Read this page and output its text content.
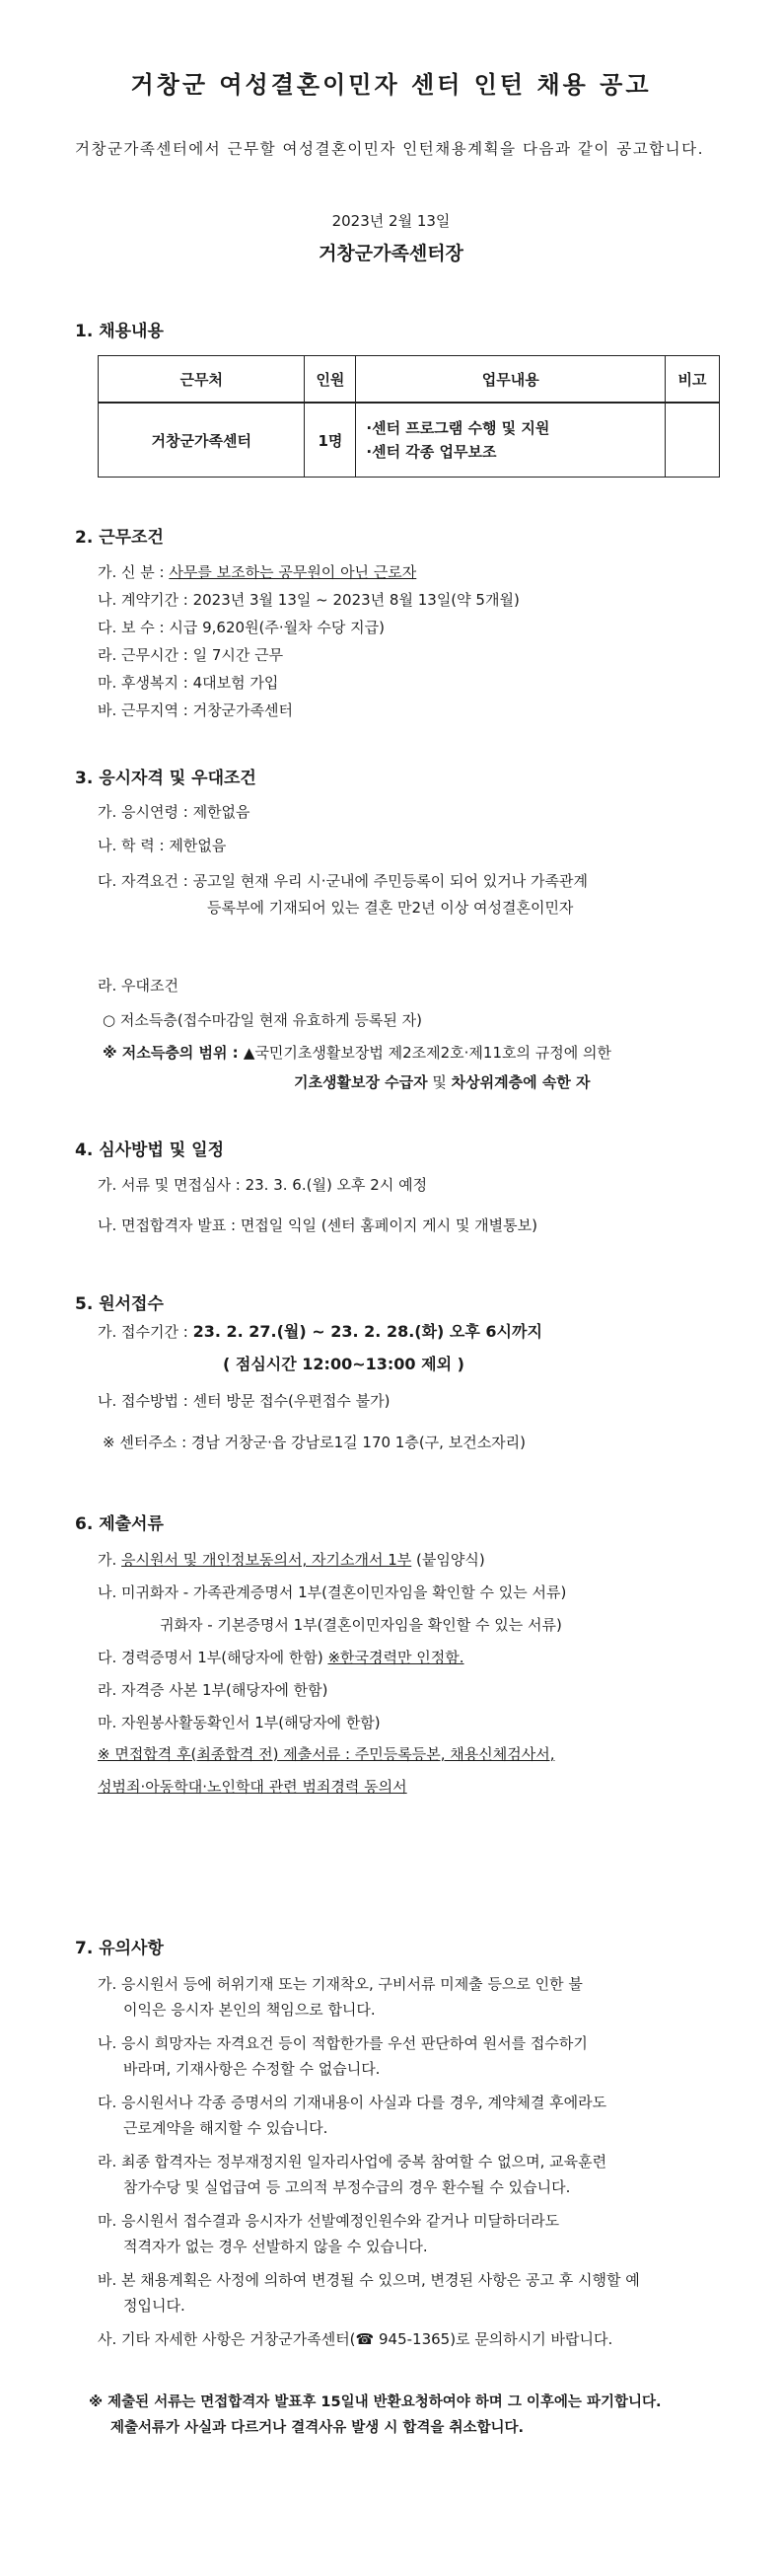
거창군 여성결혼이민자 센터 인턴 채용 공고
거창군가족센터에서 근무할 여성결혼이민자 인턴채용계획을 다음과 같이 공고합니다.
2023년 2월 13일
거창군가족센터장
1. 채용내용
근무처	인원	업무내용	비고
거창군가족센터	1명	·센터 프로그램 수행 및 지원
·센터 각종 업무보조	

2. 근무조건
가. 신 분 : 사무를 보조하는 공무원이 아닌 근로자
나. 계약기간 : 2023년 3월 13일 ~ 2023년 8월 13일(약 5개월)
다. 보 수 : 시급 9,620원(주·월차 수당 지급)
라. 근무시간 : 일 7시간 근무
마. 후생복지 : 4대보험 가입
바. 근무지역 : 거창군가족센터
3. 응시자격 및 우대조건
가. 응시연령 : 제한없음
나. 학 력 : 제한없음
다. 자격요건 : 공고일 현재 우리 시·군내에 주민등록이 되어 있거나 가족관계
등록부에 기재되어 있는 결혼 만2년 이상 여성결혼이민자
라. 우대조건
○ 저소득층(접수마감일 현재 유효하게 등록된 자)
※ 저소득층의 범위 : ▲국민기초생활보장법 제2조제2호·제11호의 규정에 의한
기초생활보장 수급자 및 차상위계층에 속한 자
4. 심사방법 및 일정
가. 서류 및 면접심사 : 23. 3. 6.(월) 오후 2시 예정
나. 면접합격자 발표 : 면접일 익일 (센터 홈페이지 게시 및 개별통보)
5. 원서접수
가. 접수기간 : 23. 2. 27.(월) ~ 23. 2. 28.(화) 오후 6시까지
( 점심시간 12:00~13:00 제외 )
나. 접수방법 : 센터 방문 접수(우편접수 불가)
※ 센터주소 : 경남 거창군·읍 강남로1길 170 1층(구, 보건소자리)
6. 제출서류
가. 응시원서 및 개인정보동의서, 자기소개서 1부 (붙임양식)
나. 미귀화자 - 가족관계증명서 1부(결혼이민자임을 확인할 수 있는 서류)
귀화자 - 기본증명서 1부(결혼이민자임을 확인할 수 있는 서류)
다. 경력증명서 1부(해당자에 한함) ※한국경력만 인정함.
라. 자격증 사본 1부(해당자에 한함)
마. 자원봉사활동확인서 1부(해당자에 한함)
※ 면접합격 후(최종합격 전) 제출서류 : 주민등록등본, 채용신체검사서,
성범죄·아동학대·노인학대 관련 범죄경력 동의서
7. 유의사항
가. 응시원서 등에 허위기재 또는 기재착오, 구비서류 미제출 등으로 인한 불
이익은 응시자 본인의 책임으로 합니다.
나. 응시 희망자는 자격요건 등이 적합한가를 우선 판단하여 원서를 접수하기
바라며, 기재사항은 수정할 수 없습니다.
다. 응시원서나 각종 증명서의 기재내용이 사실과 다를 경우, 계약체결 후에라도
근로계약을 해지할 수 있습니다.
라. 최종 합격자는 정부재정지원 일자리사업에 중복 참여할 수 없으며, 교육훈련
참가수당 및 실업급여 등 고의적 부정수급의 경우 환수될 수 있습니다.
마. 응시원서 접수결과 응시자가 선발예정인원수와 같거나 미달하더라도
적격자가 없는 경우 선발하지 않을 수 있습니다.
바. 본 채용계획은 사정에 의하여 변경될 수 있으며, 변경된 사항은 공고 후 시행할 예
정입니다.
사. 기타 자세한 사항은 거창군가족센터(☎ 945-1365)로 문의하시기 바랍니다.
※ 제출된 서류는 면접합격자 발표후 15일내 반환요청하여야 하며 그 이후에는 파기합니다.
제출서류가 사실과 다르거나 결격사유 발생 시 합격을 취소합니다.
